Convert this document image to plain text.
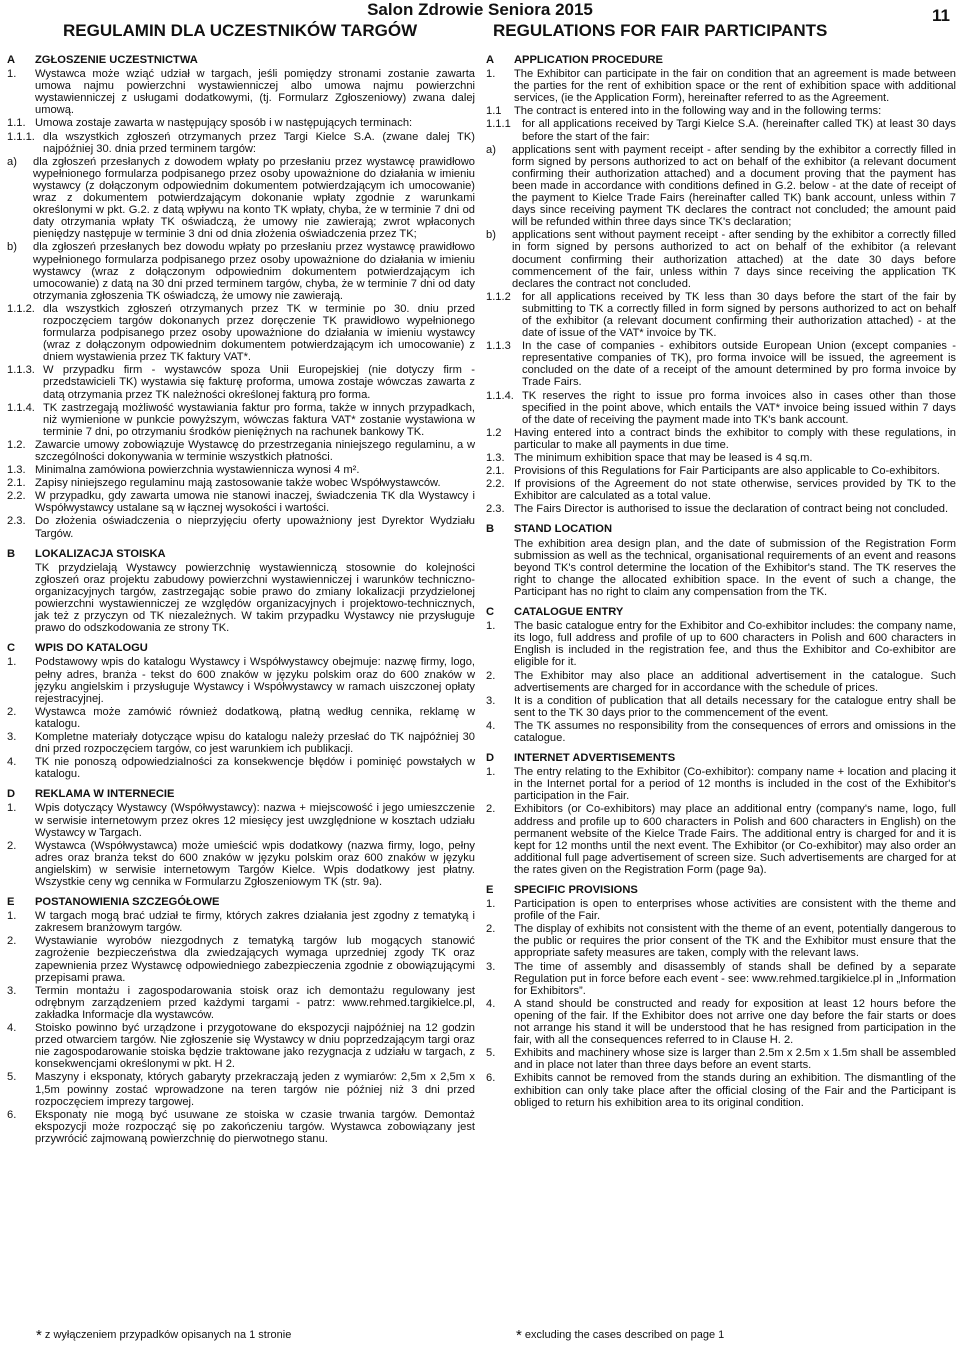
Salon Zdrowie Seniora 2015	11
REGULAMIN DLA UCZESTNIKÓW TARGÓW	REGULATIONS FOR FAIR PARTICIPANTS
A	ZGŁOSZENIE UCZESTNICTWA
1.	Wystawca może wziąć udział w targach, jeśli pomiędzy stronami zostanie zawarta umowa najmu powierzchni wystawienniczej albo umowa najmu powierzchni wystawienniczej z usługami dodatkowymi, (tj. Formularz Zgłoszeniowy) zwana dalej umową.
1.1. Umowa zostaje zawarta w następujący sposób i w następujących terminach:
1.1.1. dla wszystkich zgłoszeń otrzymanych przez Targi Kielce S.A. (zwane dalej TK) najpóźniej 30. dnia przed terminem targów:
a)	dla zgłoszeń przesłanych z dowodem wpłaty po przesłaniu przez wystawcę prawidłowo wypełnionego formularza podpisanego przez osoby upoważnione do działania w imieniu wystawcy (z dołączonym odpowiednim dokumentem potwierdzającym ich umocowanie) wraz z dokumentem potwierdzającym dokonanie wpłaty zgodnie z warunkami określonymi w pkt. G.2. z datą wpływu na konto TK wpłaty, chyba, że w terminie 7 dni od daty otrzymania wpłaty TK oświadczą, że umowy nie zawierają; zwrot wpłaconych pieniędzy następuje w terminie 3 dni od dnia złożenia oświadczenia przez TK;
b)	dla zgłoszeń przesłanych bez dowodu wpłaty po przesłaniu przez wystawcę prawidłowo wypełnionego formularza podpisanego przez osoby upoważnione do działania w imieniu wystawcy (wraz z dołączonym odpowiednim dokumentem potwierdzającym ich umocowanie) z datą na 30 dni przed terminem targów, chyba, że w terminie 7 dni od daty otrzymania zgłoszenia TK oświadczą, że umowy nie zawierają.
1.1.2. dla wszystkich zgłoszeń otrzymanych przez TK w terminie po 30. dniu przed rozpoczęciem targów dokonanych przez doręczenie TK prawidłowo wypełnionego formularza podpisanego przez osoby upoważnione do działania w imieniu wystawcy (wraz z dołączonym odpowiednim dokumentem potwierdzającym ich umocowanie) z dniem wystawienia przez TK faktury VAT*.
1.1.3. W przypadku firm - wystawców spoza Unii Europejskiej (nie dotyczy firm - przedstawicieli TK) wystawia się fakturę proforma, umowa zostaje wówczas zawarta z datą otrzymania przez TK należności określonej fakturą pro forma.
1.1.4. TK zastrzegają możliwość wystawiania faktur pro forma, także w innych przypadkach, niż wymienione w punkcie powyższym, wówczas faktura VAT* zostanie wystawiona w terminie 7 dni, po otrzymaniu środków pieniężnych na rachunek bankowy TK.
1.2. Zawarcie umowy zobowiązuje Wystawcę do przestrzegania niniejszego regulaminu, a w szczególności dokonywania w terminie wszystkich płatności.
1.3. Minimalna zamówiona powierzchnia wystawiennicza wynosi 4 m².
2.1. Zapisy niniejszego regulaminu mają zastosowanie także wobec Współwystawców.
2.2. W przypadku, gdy zawarta umowa nie stanowi inaczej, świadczenia TK dla Wystawcy i Współwystawcy ustalane są w łącznej wysokości i wartości.
2.3. Do złożenia oświadczenia o nieprzyjęciu oferty upoważniony jest Dyrektor Wydziału Targów.
B	LOKALIZACJA STOISKA
TK przydzielają Wystawcy powierzchnię wystawienniczą stosownie do kolejności zgłoszeń oraz projektu zabudowy powierzchni wystawienniczej i warunków techniczno-organizacyjnych targów, zastrzegając sobie prawo do zmiany lokalizacji przydzielonej powierzchni wystawienniczej ze względów organizacyjnych i projektowo-technicznych, jak też z przyczyn od TK niezależnych. W takim przypadku Wystawcy nie przysługuje prawo do odszkodowania ze strony TK.
C	WPIS DO KATALOGU
1.	Podstawowy wpis do katalogu Wystawcy i Współwystawcy obejmuje: nazwę firmy, logo, pełny adres, branża - tekst do 600 znaków w języku polskim oraz do 600 znaków w języku angielskim i przysługuje Wystawcy i Współwystawcy w ramach uiszczonej opłaty rejestracyjnej.
2.	Wystawca może zamówić również dodatkową, płatną według cennika, reklamę w katalogu.
3.	Kompletne materiały dotyczące wpisu do katalogu należy przesłać do TK najpóźniej 30 dni przed rozpoczęciem targów, co jest warunkiem ich publikacji.
4.	TK nie ponoszą odpowiedzialności za konsekwencje błędów i pominięć powstałych w katalogu.
D	REKLAMA W INTERNECIE
1.	Wpis dotyczący Wystawcy (Współwystawcy): nazwa + miejscowość i jego umieszczenie w serwisie internetowym przez okres 12 miesięcy jest uwzględnione w kosztach udziału Wystawcy w Targach.
2.	Wystawca (Współwystawca) może umieścić wpis dodatkowy (nazwa firmy, logo, pełny adres oraz branża tekst do 600 znaków w języku polskim oraz 600 znaków w języku angielskim) w serwisie internetowym Targów Kielce. Wpis dodatkowy jest płatny. Wszystkie ceny wg cennika w Formularzu Zgłoszeniowym TK (str. 9a).
E	POSTANOWIENIA SZCZEGÓŁOWE
1.	W targach mogą brać udział te firmy, których zakres działania jest zgodny z tematyką i zakresem branżowym targów.
2.	Wystawianie wyrobów niezgodnych z tematyką targów lub mogących stanowić zagrożenie bezpieczeństwa dla zwiedzających wymaga uprzedniej zgody TK oraz zapewnienia przez Wystawcę odpowiedniego zabezpieczenia zgodnie z obowiązującymi przepisami prawa.
3.	Termin montażu i zagospodarowania stoisk oraz ich demontażu regulowany jest odrębnym zarządzeniem przed każdymi targami - patrz: www.rehmed.targikielce.pl, zakładka Informacje dla wystawców.
4.	Stoisko powinno być urządzone i przygotowane do ekspozycji najpóźniej na 12 godzin przed otwarciem targów. Nie zgłoszenie się Wystawcy w dniu poprzedzającym targi oraz nie zagospodarowanie stoiska będzie traktowane jako rezygnacja z udziału w targach, z konsekwencjami określonymi w pkt. H 2.
5.	Maszyny i eksponaty, których gabaryty przekraczają jeden z wymiarów: 2,5m x 2,5m x 1,5m powinny zostać wprowadzone na teren targów nie później niż 3 dni przed rozpoczęciem imprezy targowej.
6.	Eksponaty nie mogą być usuwane ze stoiska w czasie trwania targów. Demontaż ekspozycji może rozpocząć się po zakończeniu targów. Wystawca zobowiązany jest przywrócić zajmowaną powierzchnię do pierwotnego stanu.
A	APPLICATION PROCEDURE
1.	The Exhibitor can participate in the fair on condition that an agreement is made between the parties for the rent of exhibition space or the rent of exhibition space with additional services, (ie the Application Form), hereinafter referred to as the Agreement.
1.1	The contract is entered into in the following way and in the following terms:
1.1.1	for all applications received by Targi Kielce S.A. (hereinafter called TK) at least 30 days before the start of the fair:
a)	applications sent with payment receipt - after sending by the exhibitor a correctly filled in form signed by persons authorized to act on behalf of the exhibitor (a relevant document confirming their authorization attached) and a document proving that the payment has been made in accordance with conditions defined in G.2. below - at the date of receipt of the payment to Kielce Trade Fairs (hereinafter called TK) bank account, unless within 7 days since receiving payment TK declares the contract not concluded; the amount paid will be refunded within three days since TK's declaration;
b)	applications sent without payment receipt - after sending by the exhibitor a correctly filled in form signed by persons authorized to act on behalf of the exhibitor (a relevant document confirming their authorization attached) at the date 30 days before commencement of the fair, unless within 7 days since receiving the application TK declares the contract not concluded.
1.1.2	for all applications received by TK less than 30 days before the start of the fair by submitting to TK a correctly filled in form signed by persons authorized to act on behalf of the exhibitor (a relevant document confirming their authorization attached) - at the date of issue of the VAT* invoice by TK.
1.1.3	In the case of companies - exhibitors outside European Union (except companies - representative companies of TK), pro forma invoice will be issued, the agreement is concluded on the date of a receipt of the amount determined by pro forma invoice by Trade Fairs.
1.1.4. TK reserves the right to issue pro forma invoices also in cases other than those specified in the point above, which entails the VAT* invoice being issued within 7 days of the date of receiving the payment made into TK's bank account.
1.2	Having entered into a contract binds the exhibitor to comply with these regulations, in particular to make all payments in due time.
1.3. The minimum exhibition space that may be leased is 4 sq.m.
2.1. Provisions of this Regulations for Fair Participants are also applicable to Co-exhibitors.
2.2. If provisions of the Agreement do not state otherwise, services provided by TK to the Exhibitor are calculated as a total value.
2.3. The Fairs Director is authorised to issue the declaration of contract being not concluded.
B	STAND LOCATION
The exhibition area design plan, and the date of submission of the Registration Form submission as well as the technical, organisational requirements of an event and reasons beyond TK's control determine the location of the Exhibitor's stand. The TK reserves the right to change the allocated exhibition space. In the event of such a change, the Participant has no right to claim any compensation from the TK.
C	CATALOGUE ENTRY
1.	The basic catalogue entry for the Exhibitor and Co-exhibitor includes: the company name, its logo, full address and profile of up to 600 characters in Polish and 600 characters in English is included in the registration fee, and thus the Exhibitor and Co-exhibitor are eligible for it.
2.	The Exhibitor may also place an additional advertisement in the catalogue. Such advertisements are charged for in accordance with the schedule of prices.
3.	It is a condition of publication that all details necessary for the catalogue entry shall be sent to the TK 30 days prior to the commencement of the event.
4.	The TK assumes no responsibility from the consequences of errors and omissions in the catalogue.
D	INTERNET ADVERTISEMENTS
1.	The entry relating to the Exhibitor (Co-exhibitor): company name + location and placing it in the Internet portal for a period of 12 months is included in the cost of the Exhibitor's participation in the Fair.
2.	Exhibitors (or Co-exhibitors) may place an additional entry (company's name, logo, full address and profile up to 600 characters in Polish and 600 characters in English) on the permanent website of the Kielce Trade Fairs. The additional entry is charged for and it is kept for 12 months until the next event. The Exhibitor (or Co-exhibitor) may also order an additional full page advertisement of screen size. Such advertisements are charged for at the rates given on the Registration Form (page 9a).
E	SPECIFIC PROVISIONS
1.	Participation is open to enterprises whose activities are consistent with the theme and profile of the Fair.
2.	The display of exhibits not consistent with the theme of an event, potentially dangerous to the public or requires the prior consent of the TK and the Exhibitor must ensure that the appropriate safety measures are taken, comply with the relevant laws.
3.	The time of assembly and disassembly of stands shall be defined by a separate Regulation put in force before each event - see: www.rehmed.targikielce.pl in „Information for Exhibitors”.
4.	A stand should be constructed and ready for exposition at least 12 hours before the opening of the fair. If the Exhibitor does not arrive one day before the fair starts or does not arrange his stand it will be understood that he has resigned from participation in the fair, with all the consequences referred to in Clause H. 2.
5.	Exhibits and machinery whose size is larger than 2.5m x 2.5m x 1.5m shall be assembled and in place not later than three days before an event starts.
6.	Exhibits cannot be removed from the stands during an exhibition. The dismantling of the exhibition can only take place after the official closing of the Fair and the Participant is obliged to return his exhibition area to its original condition.
* z wyłączeniem przypadków opisanych na 1 stronie	* excluding the cases described on page 1
